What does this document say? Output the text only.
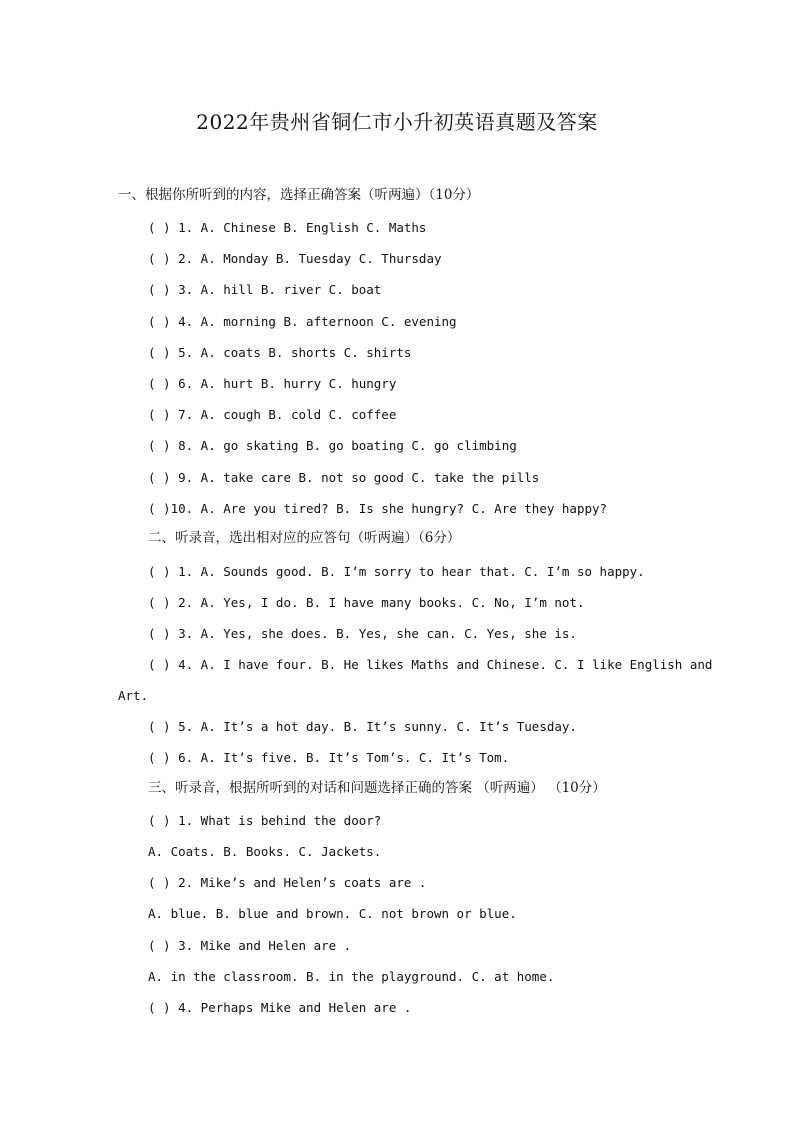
2022年贵州省铜仁市小升初英语真题及答案
一、根据你所听到的内容，选择正确答案（听两遍）（10分）
( ) 1. A. Chinese B. English C. Maths
( ) 2. A. Monday B. Tuesday C. Thursday
( ) 3. A. hill B. river C. boat
( ) 4. A. morning B. afternoon C. evening
( ) 5. A. coats B. shorts C. shirts
( ) 6. A. hurt B. hurry C. hungry
( ) 7. A. cough B. cold C. coffee
( ) 8. A. go skating B. go boating C. go climbing
( ) 9. A. take care B. not so good C. take the pills
( )10. A. Are you tired? B. Is she hungry? C. Are they happy?
二、听录音，选出相对应的应答句（听两遍）（6分）
( ) 1. A. Sounds good. B. I’m sorry to hear that. C. I’m so happy.
( ) 2. A. Yes, I do. B. I have many books. C. No, I’m not.
( ) 3. A. Yes, she does. B. Yes, she can. C. Yes, she is.
( ) 4. A. I have four. B. He likes Maths and Chinese. C. I like English and
Art.
( ) 5. A. It’s a hot day. B. It’s sunny. C. It’s Tuesday.
( ) 6. A. It’s five. B. It’s Tom’s. C. It’s Tom.
三、听录音，根据所听到的对话和问题选择正确的答案 （听两遍） （10分）
( ) 1. What is behind the door?
A. Coats. B. Books. C. Jackets.
( ) 2. Mike’s and Helen’s coats are .
A. blue. B. blue and brown. C. not brown or blue.
( ) 3. Mike and Helen are .
A. in the classroom. B. in the playground. C. at home.
( ) 4. Perhaps Mike and Helen are .
